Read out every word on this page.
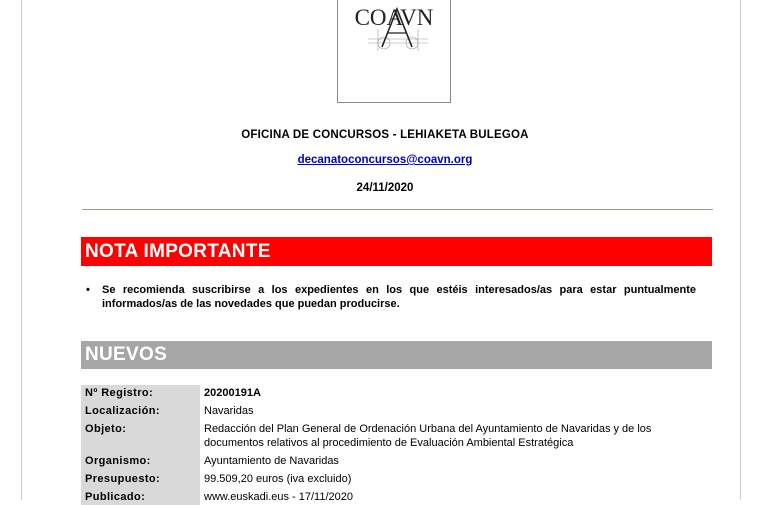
COAVN
OFICINA DE CONCURSOS - LEHIAKETA BULEGOA
decanatoconcursos@coavn.org
24/11/2020
NOTA IMPORTANTE
• Se recomienda suscribirse a los expedientes en los que estéis interesados/as para estar puntualmente informados/as de las novedades que puedan producirse.
NUEVOS
Nº Registro:	20200191A
Localización:	Navaridas
Objeto:	Redacción del Plan General de Ordenación Urbana del Ayuntamiento de Navaridas y de los documentos relativos al procedimiento de Evaluación Ambiental Estratégica
Organismo:	Ayuntamiento de Navaridas
Presupuesto:	99.509,20 euros (iva excluido)
Publicado:	www.euskadi.eus - 17/11/2020
